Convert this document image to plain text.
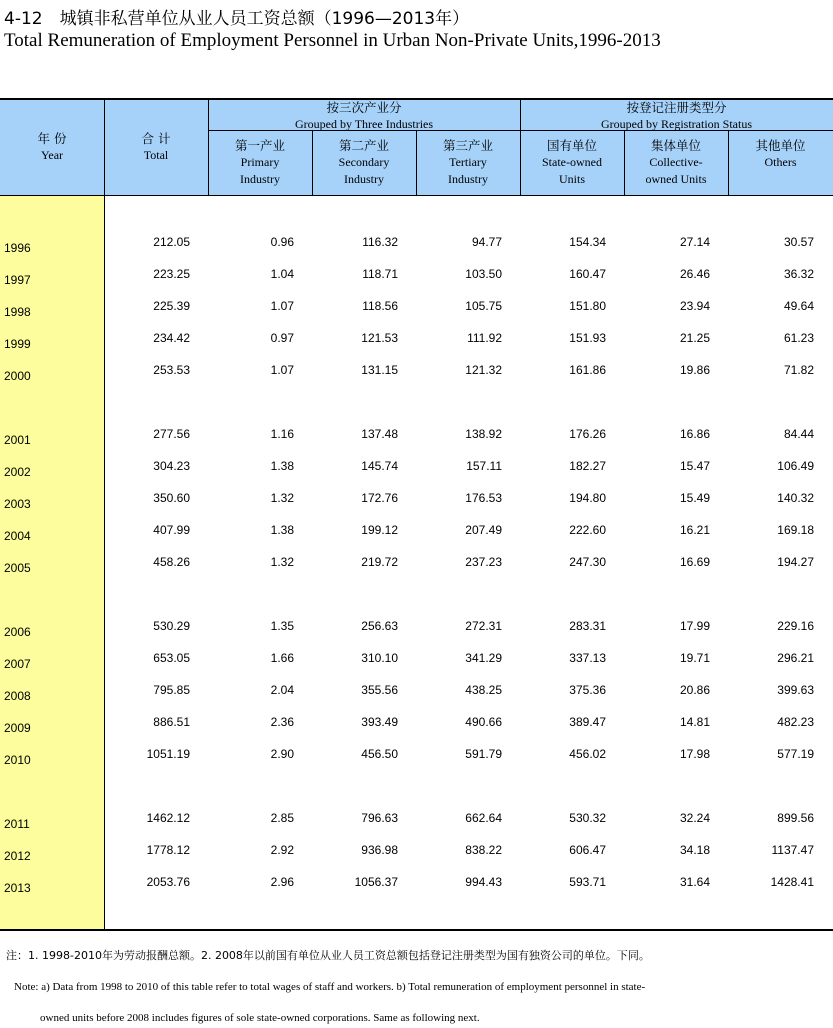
4-12　城镇非私营单位从业人员工资总额（1996—2013年）
Total Remuneration of Employment Personnel in Urban Non-Private Units,1996-2013
年 份
Year
合 计
Total
按三次产业分
Grouped by Three Industries
按登记注册类型分
Grouped by Registration Status
第一产业
Primary
Industry
第二产业
Secondary
Industry
第三产业
Tertiary
Industry
国有单位
State-owned
Units
集体单位
Collective-
owned Units
其他单位
Others
1996	212.05	0.96	116.32	94.77	154.34	27.14	30.57
1997	223.25	1.04	118.71	103.50	160.47	26.46	36.32
1998	225.39	1.07	118.56	105.75	151.80	23.94	49.64
1999	234.42	0.97	121.53	111.92	151.93	21.25	61.23
2000	253.53	1.07	131.15	121.32	161.86	19.86	71.82
2001	277.56	1.16	137.48	138.92	176.26	16.86	84.44
2002	304.23	1.38	145.74	157.11	182.27	15.47	106.49
2003	350.60	1.32	172.76	176.53	194.80	15.49	140.32
2004	407.99	1.38	199.12	207.49	222.60	16.21	169.18
2005	458.26	1.32	219.72	237.23	247.30	16.69	194.27
2006	530.29	1.35	256.63	272.31	283.31	17.99	229.16
2007	653.05	1.66	310.10	341.29	337.13	19.71	296.21
2008	795.85	2.04	355.56	438.25	375.36	20.86	399.63
2009	886.51	2.36	393.49	490.66	389.47	14.81	482.23
2010	1051.19	2.90	456.50	591.79	456.02	17.98	577.19
2011	1462.12	2.85	796.63	662.64	530.32	32.24	899.56
2012	1778.12	2.92	936.98	838.22	606.47	34.18	1137.47
2013	2053.76	2.96	1056.37	994.43	593.71	31.64	1428.41
注：1. 1998-2010年为劳动报酬总额。2. 2008年以前国有单位从业人员工资总额包括登记注册类型为国有独资公司的单位。下同。
Note: a) Data from 1998 to 2010 of this table refer to total wages of staff and workers. b) Total remuneration of employment personnel in state-
owned units before 2008 includes figures of sole state-owned corporations. Same as following next.
